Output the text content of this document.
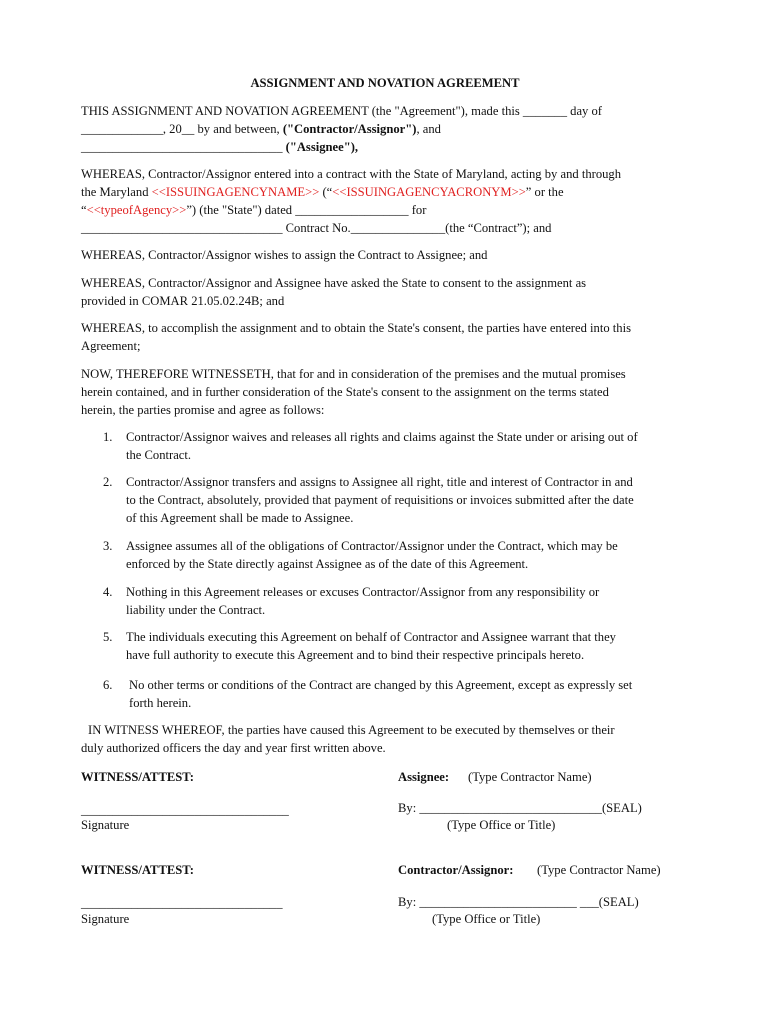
ASSIGNMENT AND NOVATION AGREEMENT
THIS ASSIGNMENT AND NOVATION AGREEMENT (the "Agreement"), made this _______ day of
_____________, 20__ by and between, ("Contractor/Assignor"), and
________________________________ ("Assignee"),
WHEREAS, Contractor/Assignor entered into a contract with the State of Maryland, acting by and through
the Maryland <<ISSUINGAGENCYNAME>> (“<<ISSUINGAGENCYACRONYM>>” or the
“<<typeofAgency>>”) (the "State") dated __________________ for
________________________________ Contract No._______________(the “Contract”); and
WHEREAS, Contractor/Assignor wishes to assign the Contract to Assignee; and
WHEREAS, Contractor/Assignor and Assignee have asked the State to consent to the assignment as
provided in COMAR 21.05.02.24B; and
WHEREAS, to accomplish the assignment and to obtain the State's consent, the parties have entered into this
Agreement;
NOW, THEREFORE WITNESSETH, that for and in consideration of the premises and the mutual promises
herein contained, and in further consideration of the State's consent to the assignment on the terms stated
herein, the parties promise and agree as follows:
1. Contractor/Assignor waives and releases all rights and claims against the State under or arising out of
the Contract.
2. Contractor/Assignor transfers and assigns to Assignee all right, title and interest of Contractor in and
to the Contract, absolutely, provided that payment of requisitions or invoices submitted after the date
of this Agreement shall be made to Assignee.
3. Assignee assumes all of the obligations of Contractor/Assignor under the Contract, which may be
enforced by the State directly against Assignee as of the date of this Agreement.
4. Nothing in this Agreement releases or excuses Contractor/Assignor from any responsibility or
liability under the Contract.
5. The individuals executing this Agreement on behalf of Contractor and Assignee warrant that they
have full authority to execute this Agreement and to bind their respective principals hereto.
6. No other terms or conditions of the Contract are changed by this Agreement, except as expressly set
forth herein.
IN WITNESS WHEREOF, the parties have caused this Agreement to be executed by themselves or their
duly authorized officers the day and year first written above.
WITNESS/ATTEST:
_________________________________
Signature
Assignee: (Type Contractor Name)
By: _____________________________(SEAL)
(Type Office or Title)
WITNESS/ATTEST:
________________________________
Signature
Contractor/Assignor: (Type Contractor Name)
By: _________________________ ___(SEAL)
(Type Office or Title)
